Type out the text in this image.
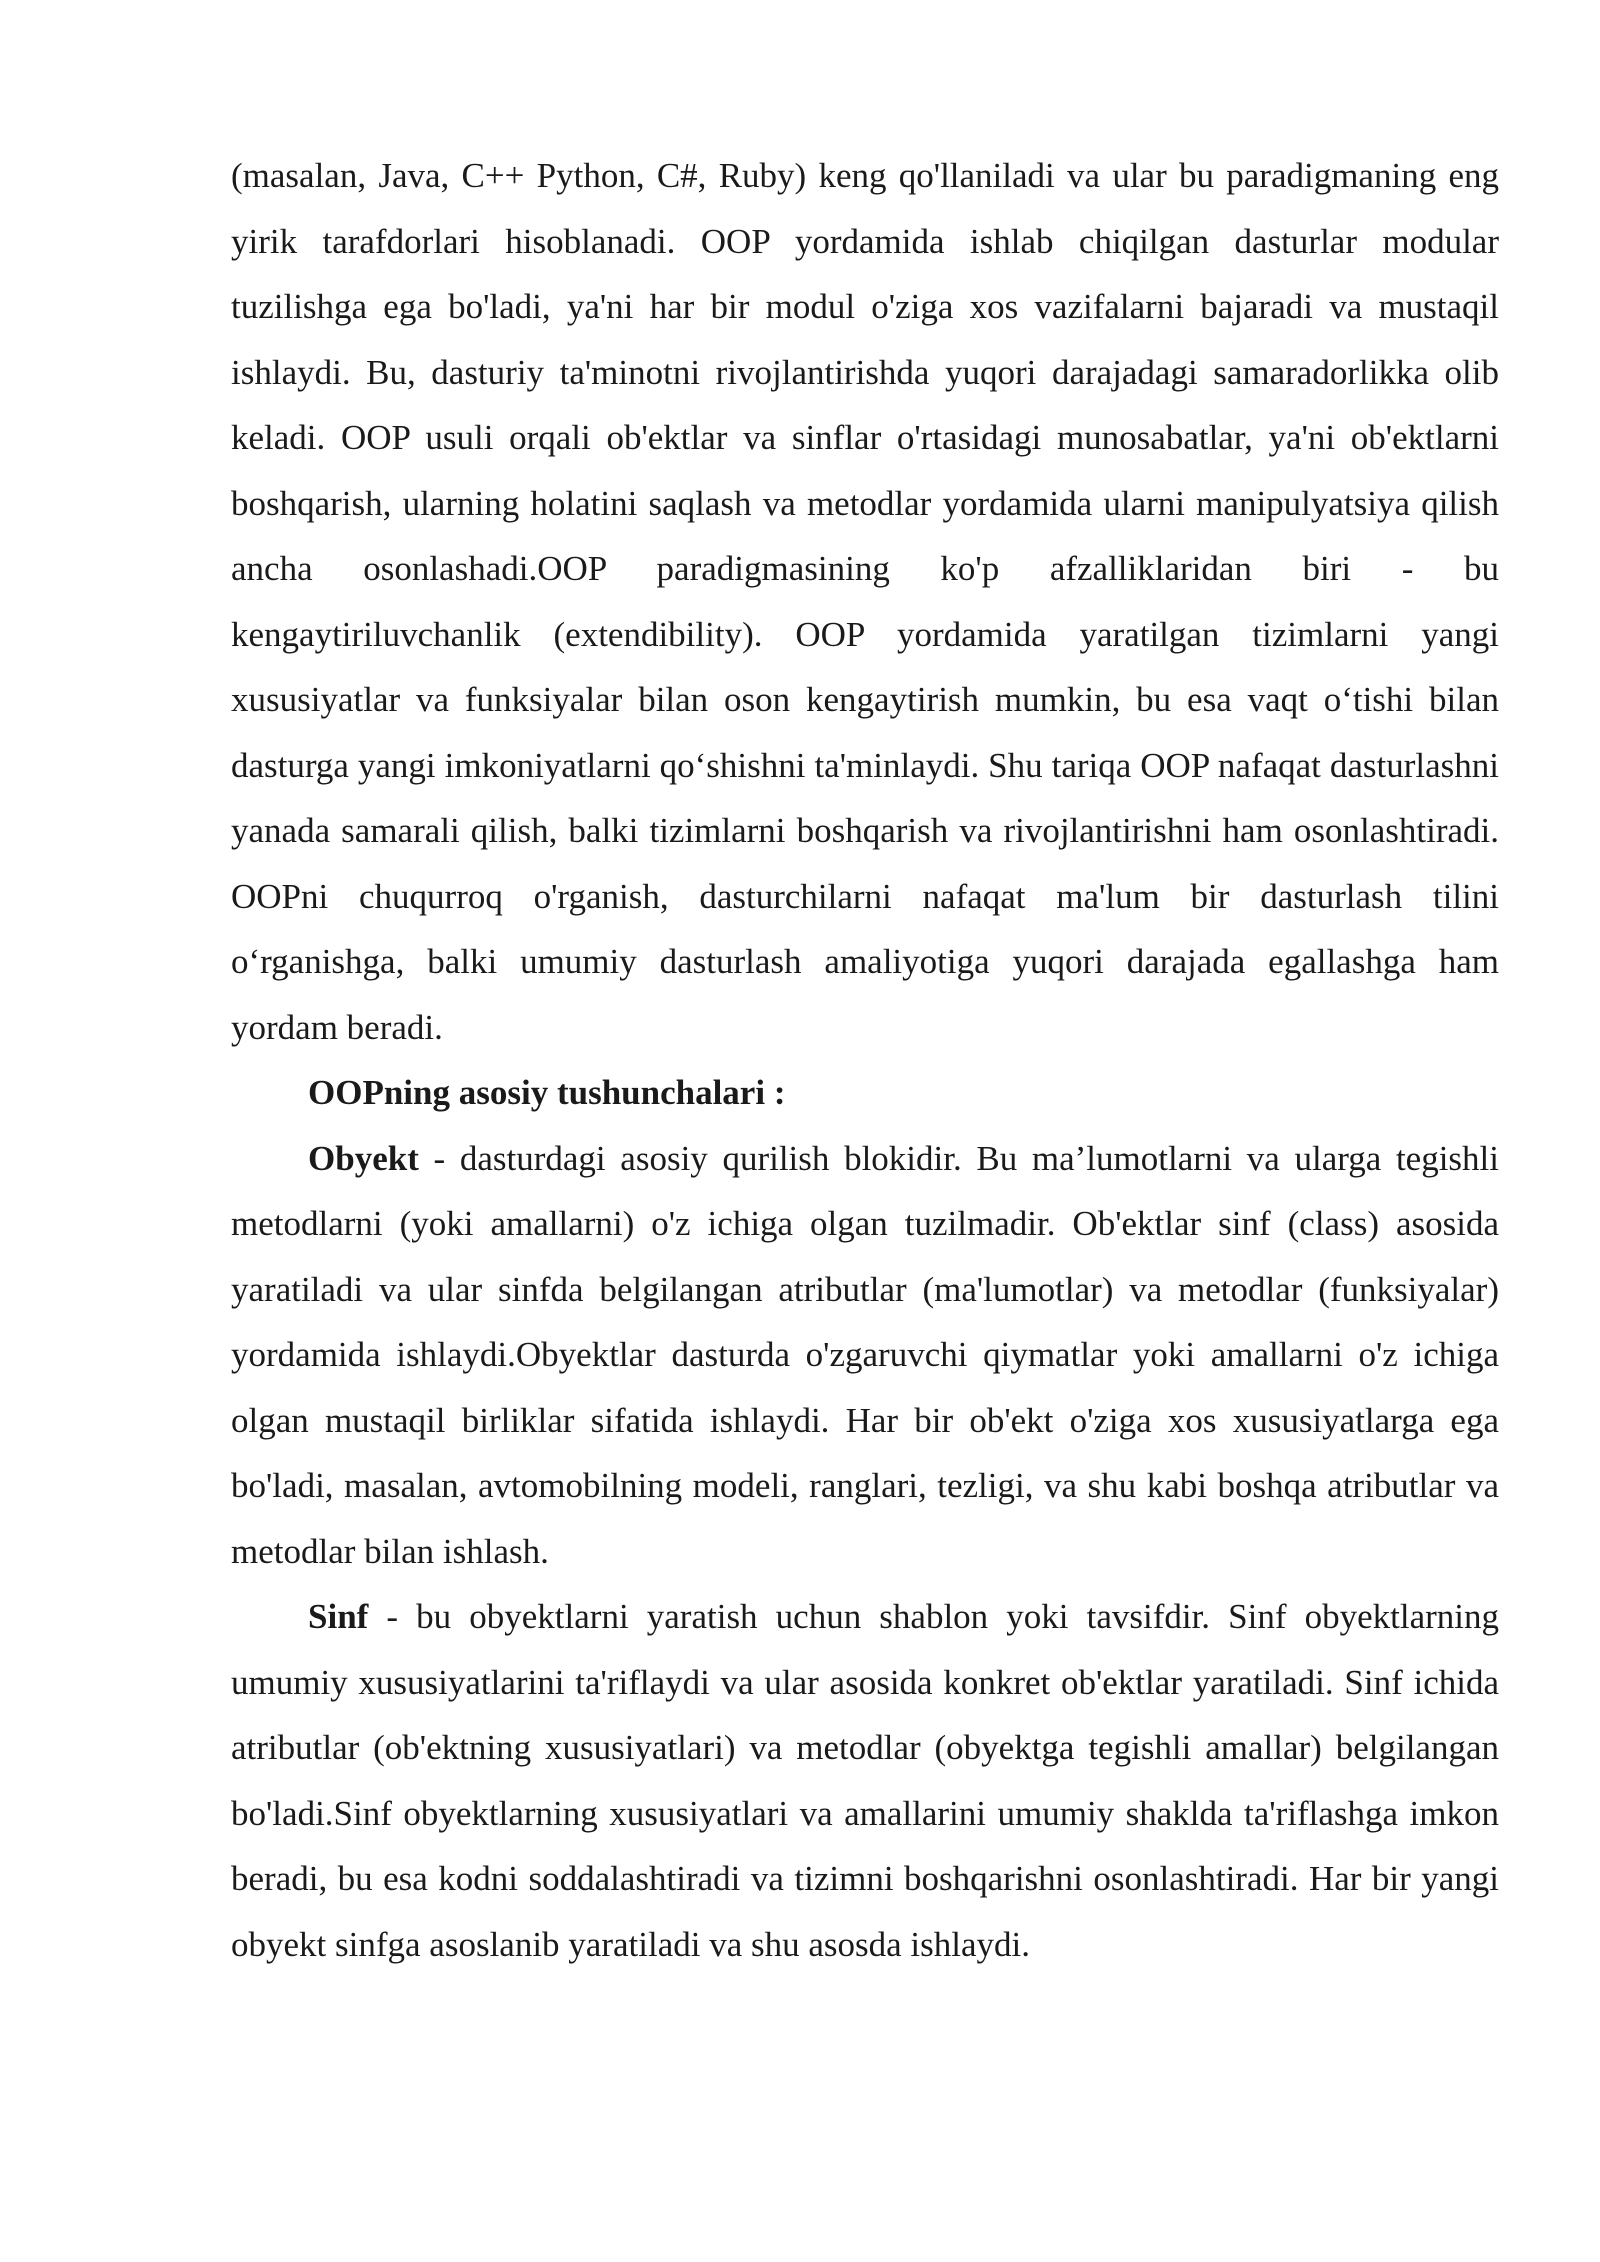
(masalan, Java, C++ Python, C#, Ruby) keng qo'llaniladi va ular bu paradigmaning eng yirik tarafdorlari hisoblanadi. OOP yordamida ishlab chiqilgan dasturlar modular tuzilishga ega bo'ladi, ya'ni har bir modul o'ziga xos vazifalarni bajaradi va mustaqil ishlaydi. Bu, dasturiy ta'minotni rivojlantirishda yuqori darajadagi samaradorlikka olib keladi. OOP usuli orqali ob'ektlar va sinflar o'rtasidagi munosabatlar, ya'ni ob'ektlarni boshqarish, ularning holatini saqlash va metodlar yordamida ularni manipulyatsiya qilish ancha osonlashadi.OOP paradigmasining ko'p afzalliklaridan biri - bu kengaytiriluvchanlik (extendibility). OOP yordamida yaratilgan tizimlarni yangi xususiyatlar va funksiyalar bilan oson kengaytirish mumkin, bu esa vaqt o‘tishi bilan dasturga yangi imkoniyatlarni qo‘shishni ta'minlaydi. Shu tariqa OOP nafaqat dasturlashni yanada samarali qilish, balki tizimlarni boshqarish va rivojlantirishni ham osonlashtiradi. OOPni chuqurroq o'rganish, dasturchilarni nafaqat ma'lum bir dasturlash tilini o‘rganishga, balki umumiy dasturlash amaliyotiga yuqori darajada egallashga ham yordam beradi.

OOPning asosiy tushunchalari :

Obyekt - dasturdagi asosiy qurilish blokidir. Bu ma’lumotlarni va ularga tegishli metodlarni (yoki amallarni) o'z ichiga olgan tuzilmadir. Ob'ektlar sinf (class) asosida yaratiladi va ular sinfda belgilangan atributlar (ma'lumotlar) va metodlar (funksiyalar) yordamida ishlaydi.Obyektlar dasturda o'zgaruvchi qiymatlar yoki amallarni o'z ichiga olgan mustaqil birliklar sifatida ishlaydi. Har bir ob'ekt o'ziga xos xususiyatlarga ega bo'ladi, masalan, avtomobilning modeli, ranglari, tezligi, va shu kabi boshqa atributlar va metodlar bilan ishlash.

Sinf - bu obyektlarni yaratish uchun shablon yoki tavsifdir. Sinf obyektlarning umumiy xususiyatlarini ta'riflaydi va ular asosida konkret ob'ektlar yaratiladi. Sinf ichida atributlar (ob'ektning xususiyatlari) va metodlar (obyektga tegishli amallar) belgilangan bo'ladi.Sinf obyektlarning xususiyatlari va amallarini umumiy shaklda ta'riflashga imkon beradi, bu esa kodni soddalashtiradi va tizimni boshqarishni osonlashtiradi. Har bir yangi obyekt sinfga asoslanib yaratiladi va shu asosda ishlaydi.
